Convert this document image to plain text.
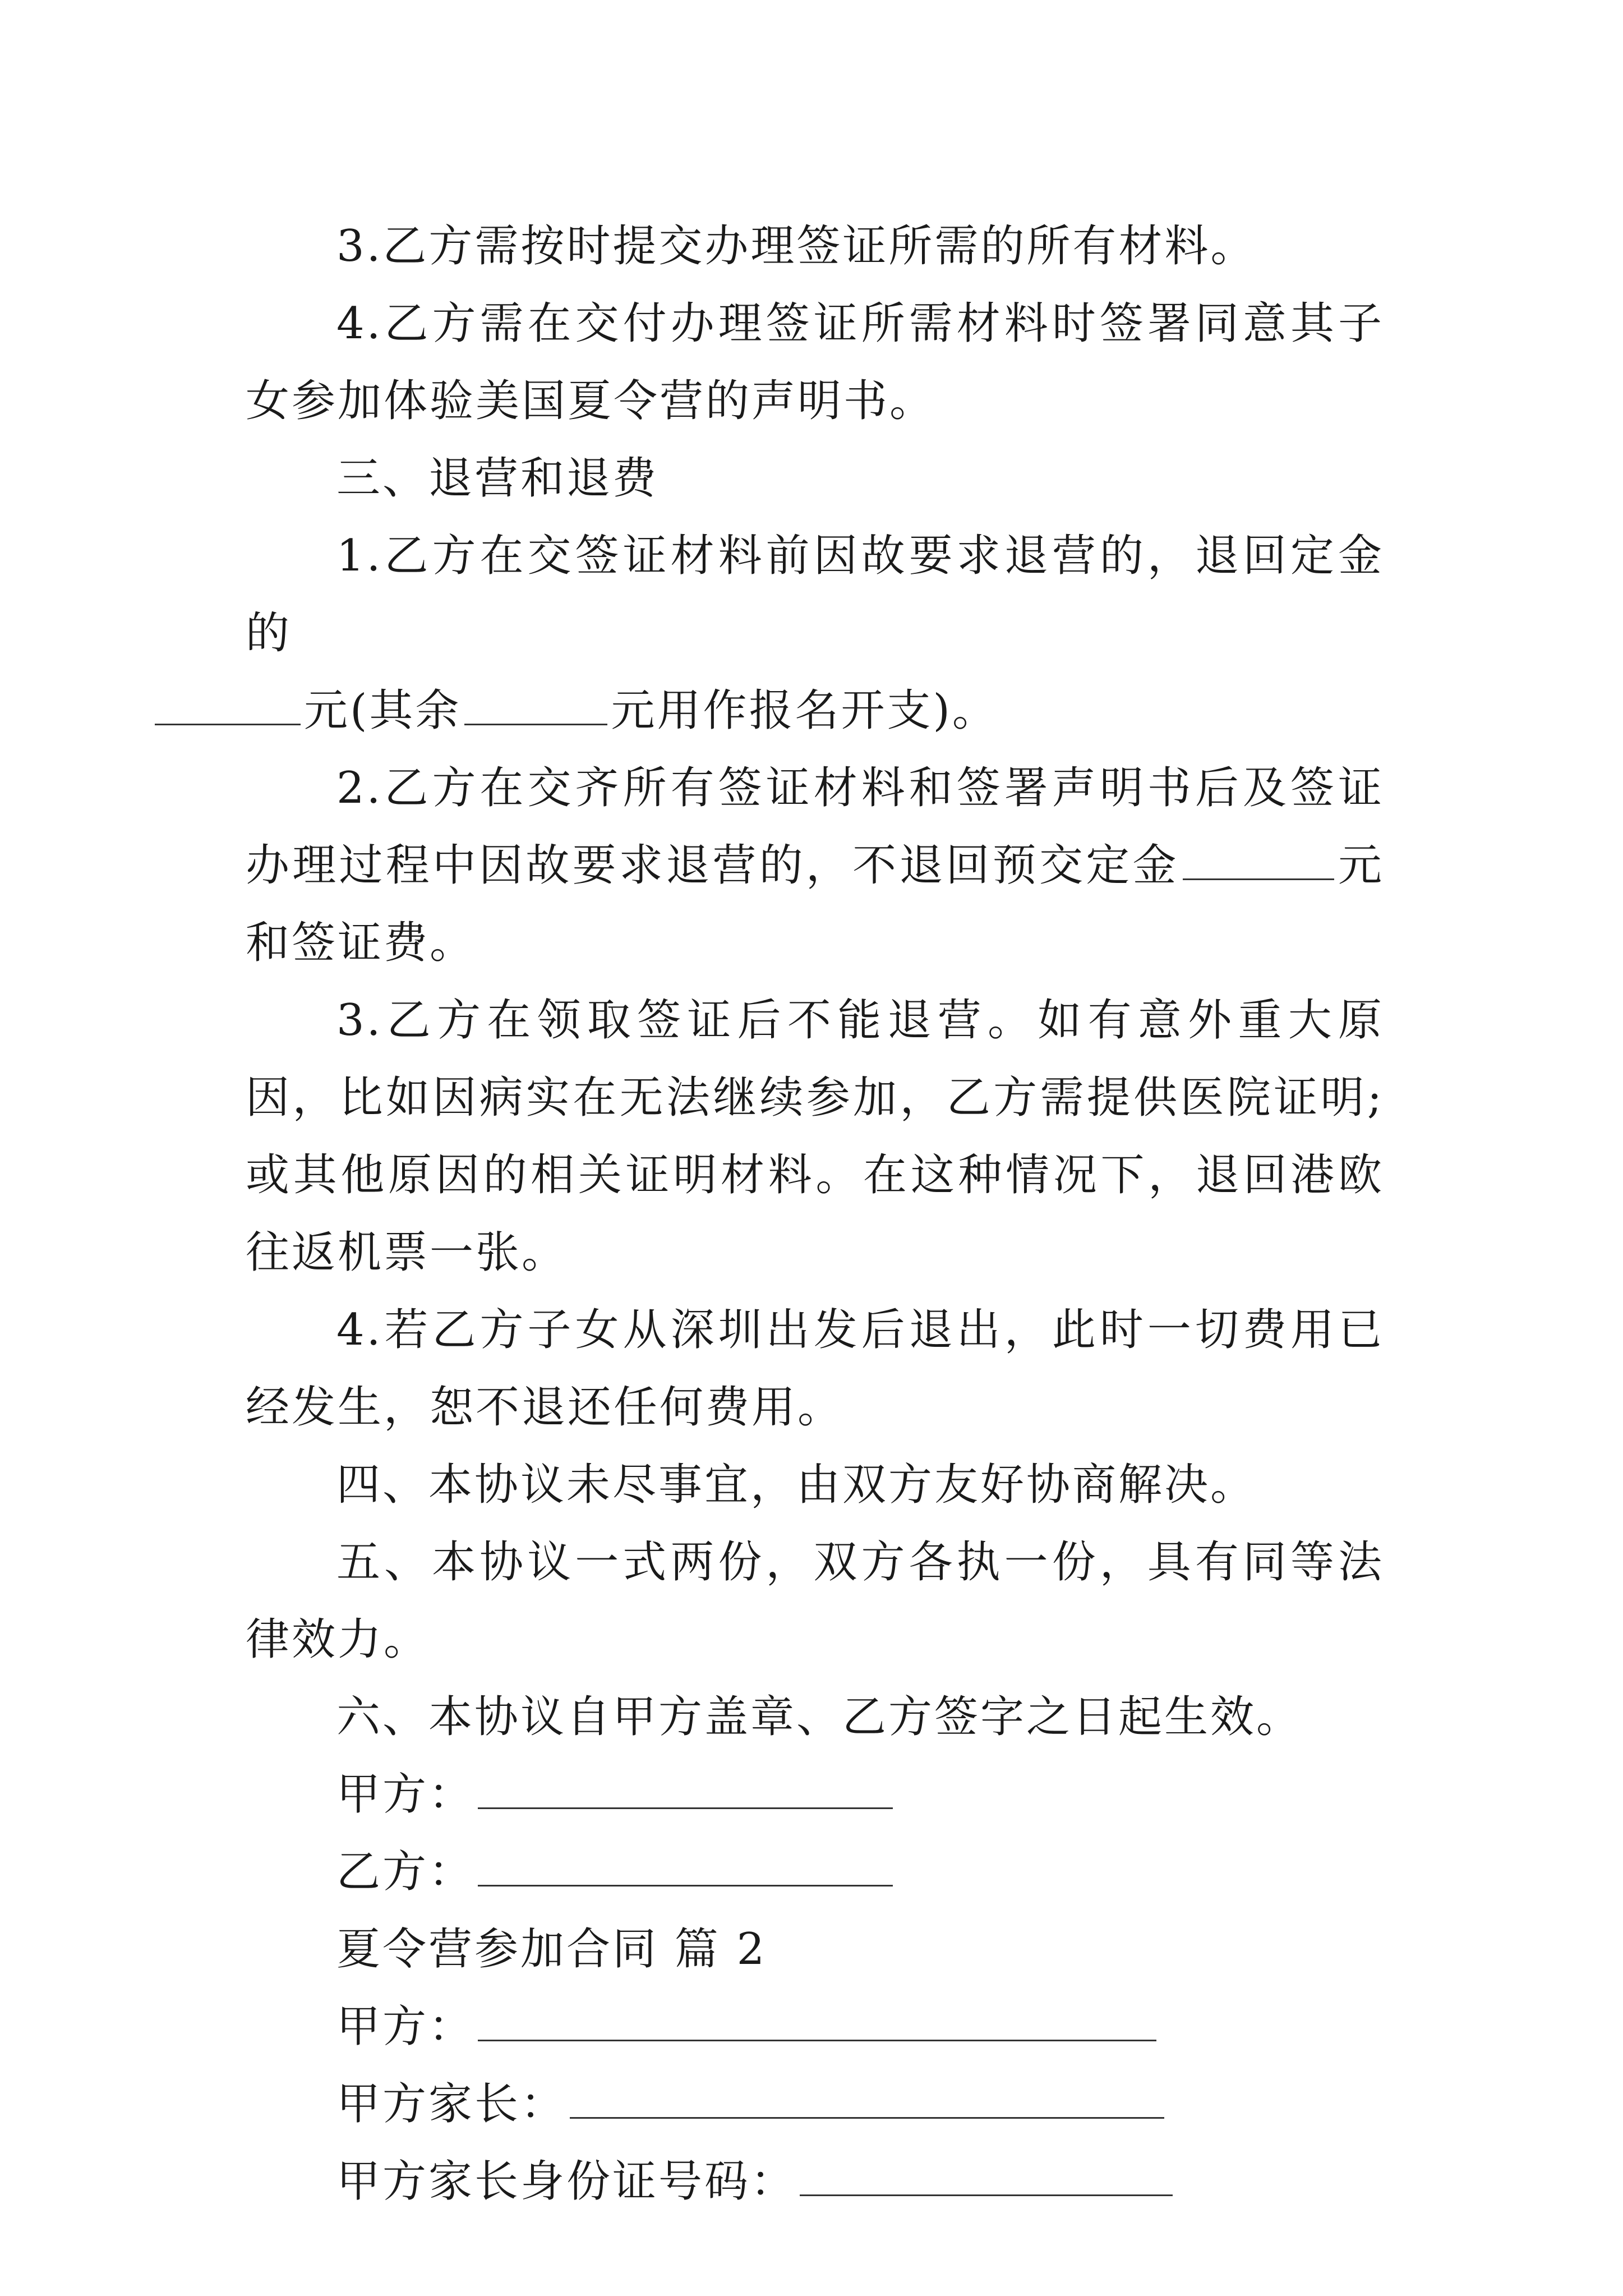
3.乙方需按时提交办理签证所需的所有材料。

4.乙方需在交付办理签证所需材料时签署同意其子女参加体验美国夏令营的声明书。

三、退营和退费

1.乙方在交签证材料前因故要求退营的，退回定金的
元(其余	元用作报名开支)。

2.乙方在交齐所有签证材料和签署声明书后及签证办理过程中因故要求退营的，不退回预交定金	元和签证费。

3.乙方在领取签证后不能退营。如有意外重大原因，比如因病实在无法继续参加，乙方需提供医院证明;或其他原因的相关证明材料。在这种情况下，退回港欧往返机票一张。

4.若乙方子女从深圳出发后退出，此时一切费用已经发生，恕不退还任何费用。

四、本协议未尽事宜，由双方友好协商解决。

五、本协议一式两份，双方各执一份，具有同等法律效力。

六、本协议自甲方盖章、乙方签字之日起生效。

甲方：

乙方：

夏令营参加合同 篇 2

甲方：

甲方家长：

甲方家长身份证号码：
